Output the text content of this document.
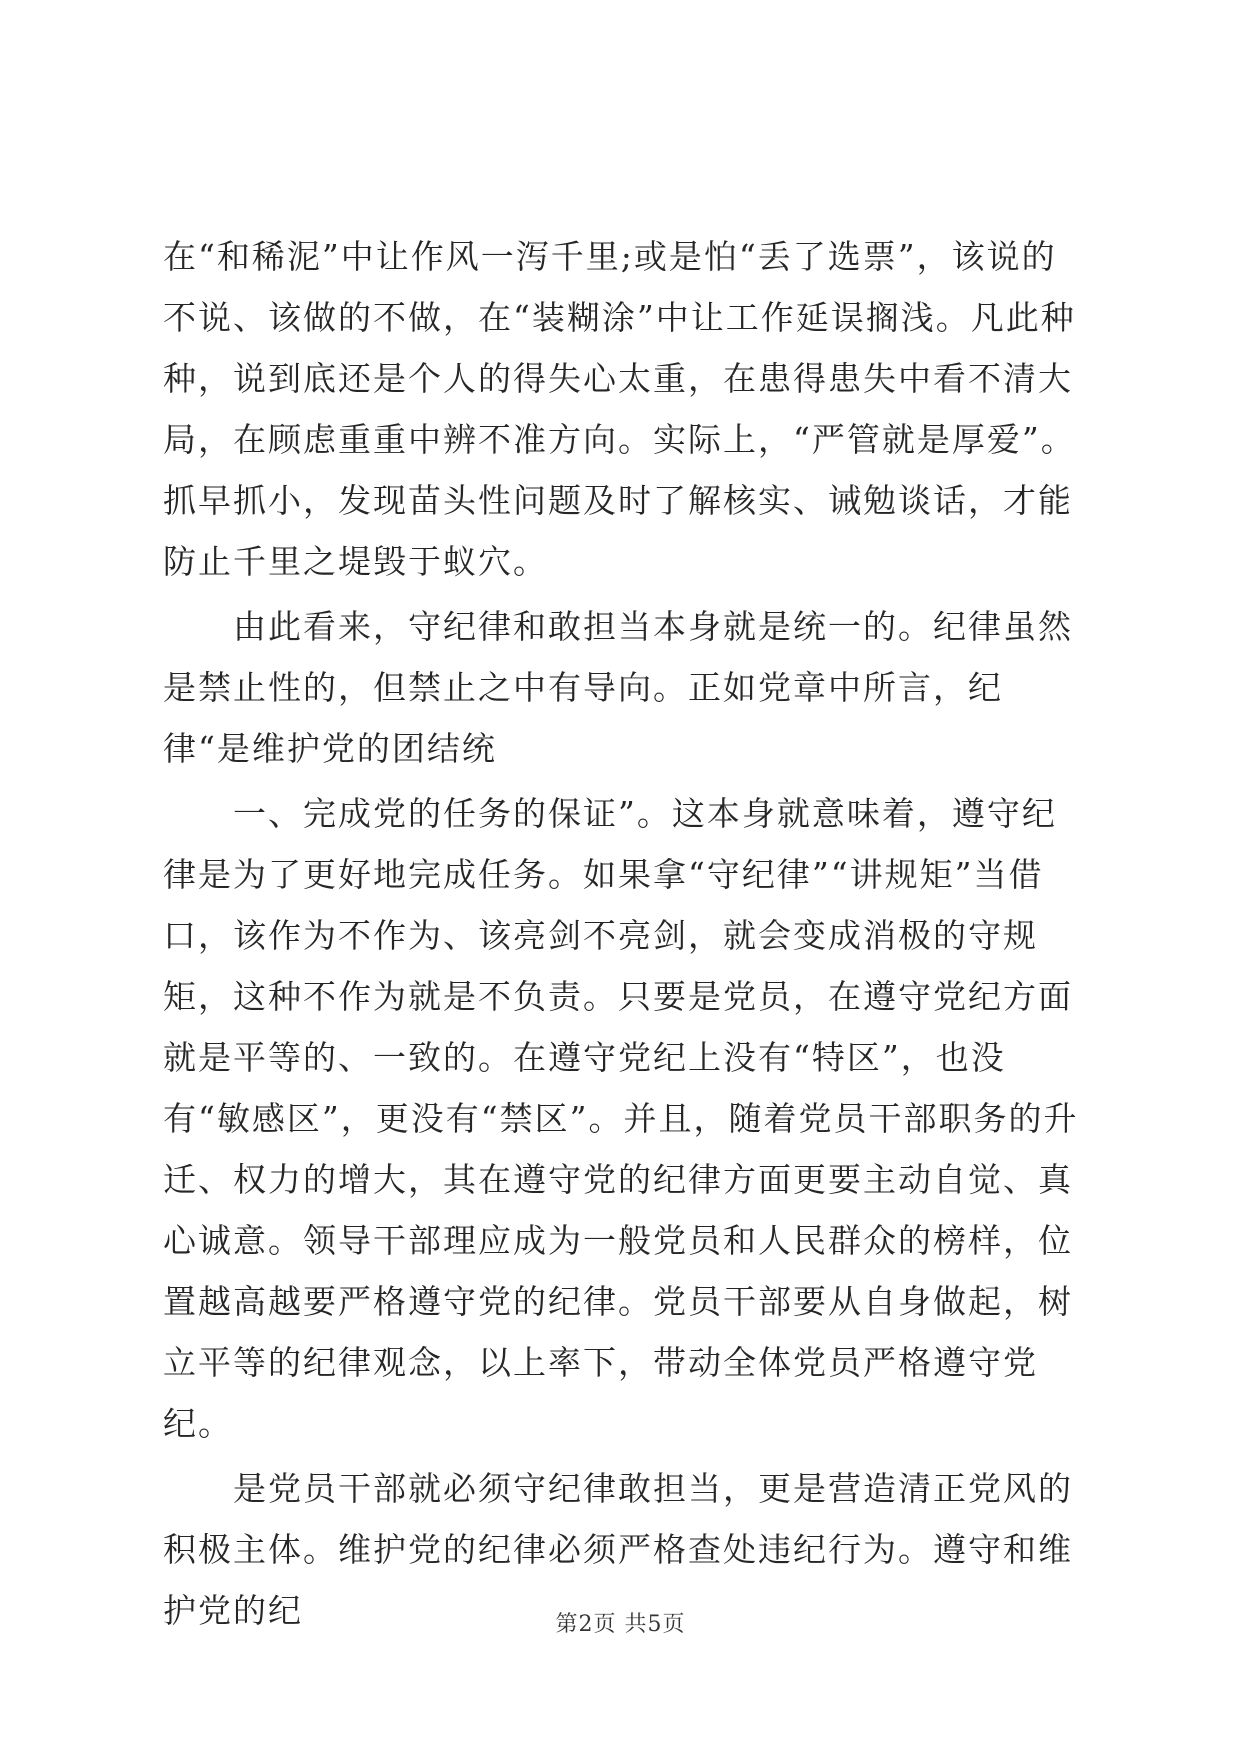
在“和稀泥”中让作风一泻千里;或是怕“丢了选票”，该说的不说、该做的不做，在“装糊涂”中让工作延误搁浅。凡此种种，说到底还是个人的得失心太重，在患得患失中看不清大局，在顾虑重重中辨不准方向。实际上，“严管就是厚爱”。抓早抓小，发现苗头性问题及时了解核实、诫勉谈话，才能防止千里之堤毁于蚁穴。

由此看来，守纪律和敢担当本身就是统一的。纪律虽然是禁止性的，但禁止之中有导向。正如党章中所言，纪律“是维护党的团结统

一、完成党的任务的保证”。这本身就意味着，遵守纪律是为了更好地完成任务。如果拿“守纪律”“讲规矩”当借口，该作为不作为、该亮剑不亮剑，就会变成消极的守规矩，这种不作为就是不负责。只要是党员，在遵守党纪方面就是平等的、一致的。在遵守党纪上没有“特区”，也没有“敏感区”，更没有“禁区”。并且，随着党员干部职务的升迁、权力的增大，其在遵守党的纪律方面更要主动自觉、真心诚意。领导干部理应成为一般党员和人民群众的榜样，位置越高越要严格遵守党的纪律。党员干部要从自身做起，树立平等的纪律观念，以上率下，带动全体党员严格遵守党纪。

是党员干部就必须守纪律敢担当，更是营造清正党风的积极主体。维护党的纪律必须严格查处违纪行为。遵守和维护党的纪	第2页 共5页
